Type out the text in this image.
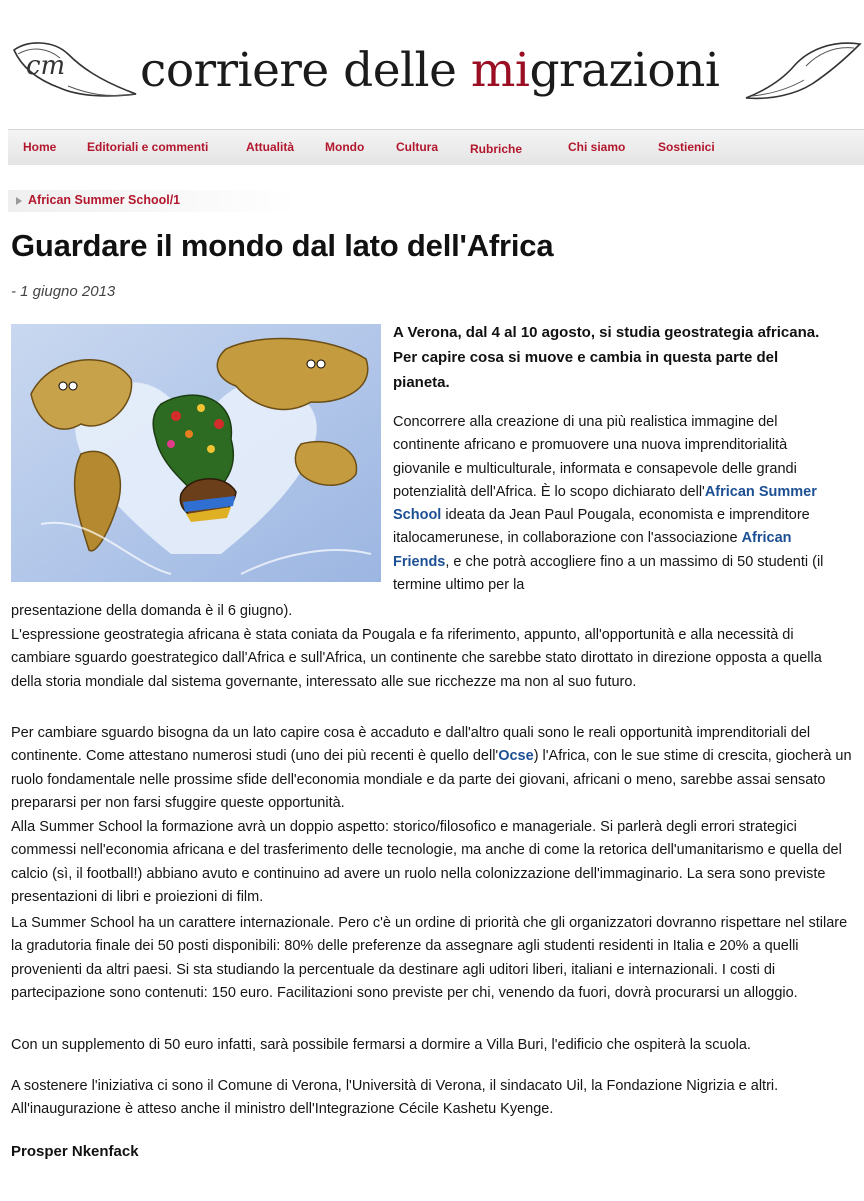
cm corriere delle migrazioni
Home	Editoriali e commenti	Attualità	Mondo	Cultura	Rubriche	Chi siamo	Sostienici
African Summer School/1
Guardare il mondo dal lato dell'Africa
- 1 giugno 2013

A Verona, dal 4 al 10 agosto, si studia geostrategia africana. Per capire cosa si muove e cambia in questa parte del pianeta.

Concorrere alla creazione di una più realistica immagine del continente africano e promuovere una nuova imprenditorialità giovanile e multiculturale, informata e consapevole delle grandi potenzialità dell'Africa. È lo scopo dichiarato dell'African Summer School ideata da Jean Paul Pougala, economista e imprenditore italocamerunese, in collaborazione con l'associazione African Friends, e che potrà accogliere fino a un massimo di 50 studenti (il termine ultimo per la

presentazione della domanda è il 6 giugno).

L'espressione geostrategia africana è stata coniata da Pougala e fa riferimento, appunto, all'opportunità e alla necessità di cambiare sguardo goestrategico dall'Africa e sull'Africa, un continente che sarebbe stato dirottato in direzione opposta a quella della storia mondiale dal sistema governante, interessato alle sue ricchezze ma non al suo futuro.

Per cambiare sguardo bisogna da un lato capire cosa è accaduto e dall'altro quali sono le reali opportunità imprenditoriali del continente. Come attestano numerosi studi (uno dei più recenti è quello dell'Ocse) l'Africa, con le sue stime di crescita, giocherà un ruolo fondamentale nelle prossime sfide dell'economia mondiale e da parte dei giovani, africani o meno, sarebbe assai sensato prepararsi per non farsi sfuggire queste opportunità.

Alla Summer School la formazione avrà un doppio aspetto: storico/filosofico e manageriale. Si parlerà degli errori strategici commessi nell'economia africana e del trasferimento delle tecnologie, ma anche di come la retorica dell'umanitarismo e quella del calcio (sì, il football!) abbiano avuto e continuino ad avere un ruolo nella colonizzazione dell'immaginario. La sera sono previste presentazioni di libri e proiezioni di film.

La Summer School ha un carattere internazionale. Pero c'è un ordine di priorità che gli organizzatori dovranno rispettare nel stilare la gradutoria finale dei 50 posti disponibili: 80% delle preferenze da assegnare agli studenti residenti in Italia e 20% a quelli provenienti da altri paesi. Si sta studiando la percentuale da destinare agli uditori liberi, italiani e internazionali. I costi di partecipazione sono contenuti: 150 euro. Facilitazioni sono previste per chi, venendo da fuori, dovrà procurarsi un alloggio.

Con un supplemento di 50 euro infatti, sarà possibile fermarsi a dormire a Villa Buri, l'edificio che ospiterà la scuola.

A sostenere l'iniziativa ci sono il Comune di Verona, l'Università di Verona, il sindacato Uil, la Fondazione Nigrizia e altri. All'inaugurazione è atteso anche il ministro dell'Integrazione Cécile Kashetu Kyenge.

Prosper Nkenfack
